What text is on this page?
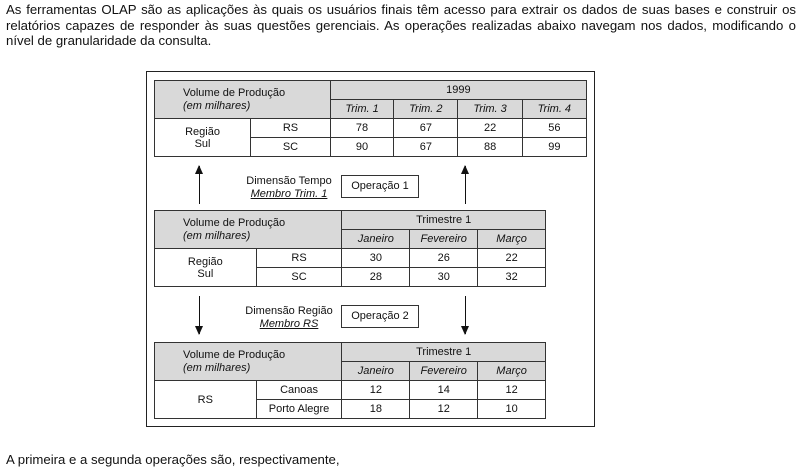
As ferramentas OLAP são as aplicações às quais os usuários finais têm acesso para extrair os dados de suas bases e construir os relatórios capazes de responder às suas questões gerenciais. As operações realizadas abaixo navegam nos dados, modificando o nível de granularidade da consulta.

Volume de Produção
(em milhares)		1999			
		Trim. 1	Trim. 2	Trim. 3	Trim. 4
Região
Sul	RS	78	67	22	56
	SC	90	67	88	99
Dimensão Tempo
Membro Trim. 1
Operação 1
Volume de Produção
(em milhares)		Trimestre 1		
		Janeiro	Fevereiro	Março
Região
Sul	RS	30	26	22
	SC	28	30	32
Dimensão Região
Membro RS
Operação 2
Volume de Produção
(em milhares)		Trimestre 1		
		Janeiro	Fevereiro	Março
RS	Canoas	12	14	12
	Porto Alegre	18	12	10

A primeira e a segunda operações são, respectivamente,
